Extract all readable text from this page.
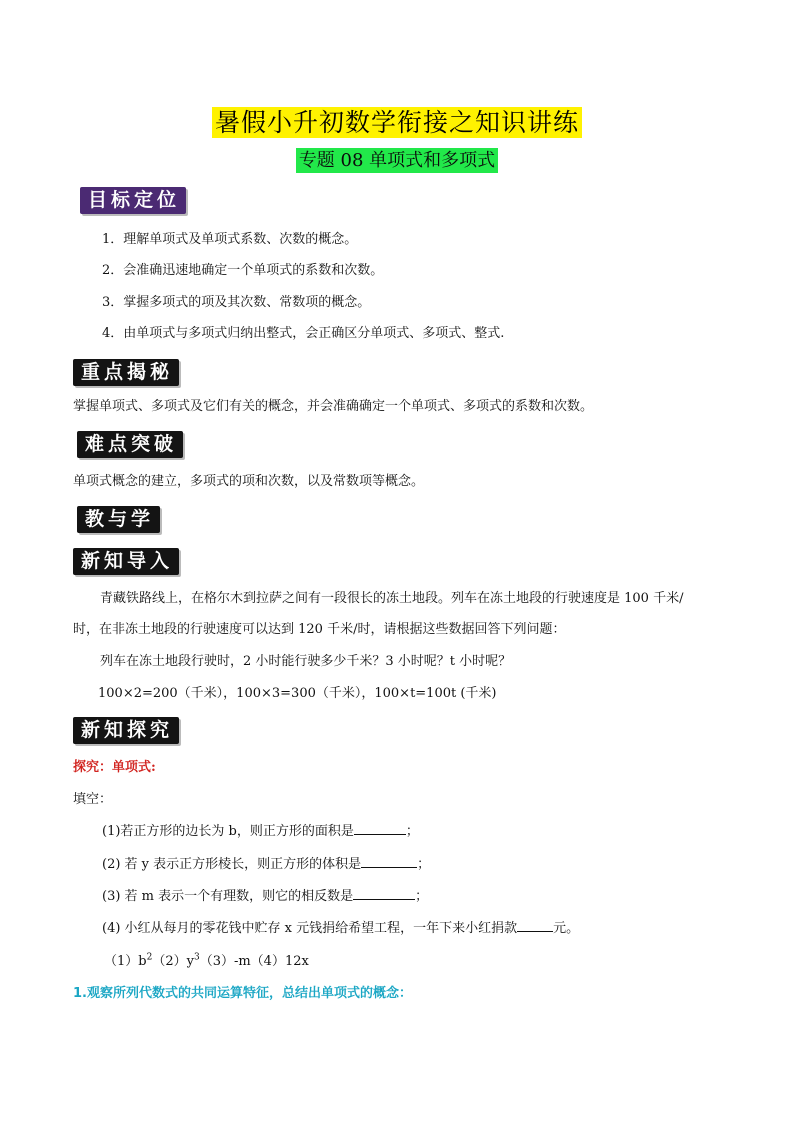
暑假小升初数学衔接之知识讲练
专题 08 单项式和多项式
目标定位
1．理解单项式及单项式系数、次数的概念。
2．会准确迅速地确定一个单项式的系数和次数。
3．掌握多项式的项及其次数、常数项的概念。
4．由单项式与多项式归纳出整式，会正确区分单项式、多项式、整式.
重点揭秘
掌握单项式、多项式及它们有关的概念，并会准确确定一个单项式、多项式的系数和次数。
难点突破
单项式概念的建立，多项式的项和次数，以及常数项等概念。
教与学
新知导入
青藏铁路线上，在格尔木到拉萨之间有一段很长的冻土地段。列车在冻土地段的行驶速度是 100 千米/
时，在非冻土地段的行驶速度可以达到 120 千米/时，请根据这些数据回答下列问题：
列车在冻土地段行驶时，2 小时能行驶多少千米？3 小时呢？t 小时呢？
100×2=200（千米），100×3=300（千米），100×t=100t (千米)
新知探究
探究：单项式:
填空：
(1)若正方形的边长为 b，则正方形的面积是	；
(2) 若 y 表示正方形棱长，则正方形的体积是	；
(3) 若 m 表示一个有理数，则它的相反数是	；
(4) 小红从每月的零花钱中贮存 x 元钱捐给希望工程，一年下来小红捐款	元。
$(1)b^2(2)y^3(3)-m(4)12x$
1.观察所列代数式的共同运算特征，总结出单项式的概念：
